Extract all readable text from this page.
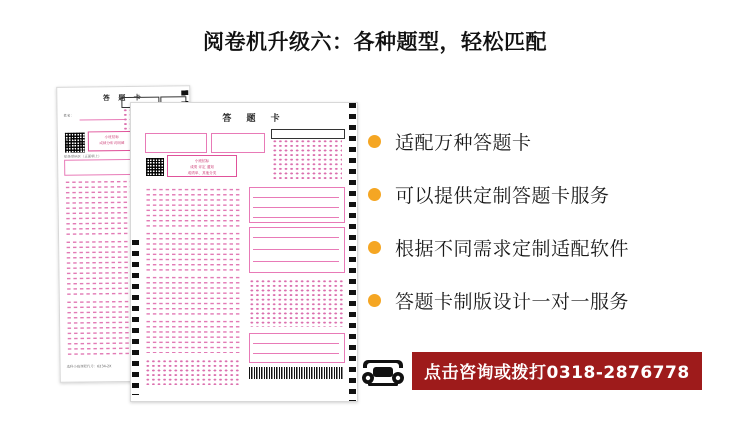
阅卷机升级六：各种题型，轻松匹配
答 题 卡
姓名：
小班招标
成绩分析说明图
贴条形码区（正面朝上）
选科小班课程代号：6234-2X
答 题 卡
小班招标
成绩 评定 通知
成绩单、其他分类
适配万种答题卡
可以提供定制答题卡服务
根据不同需求定制适配软件
答题卡制版设计一对一服务
点击咨询或拨打0318-2876778
